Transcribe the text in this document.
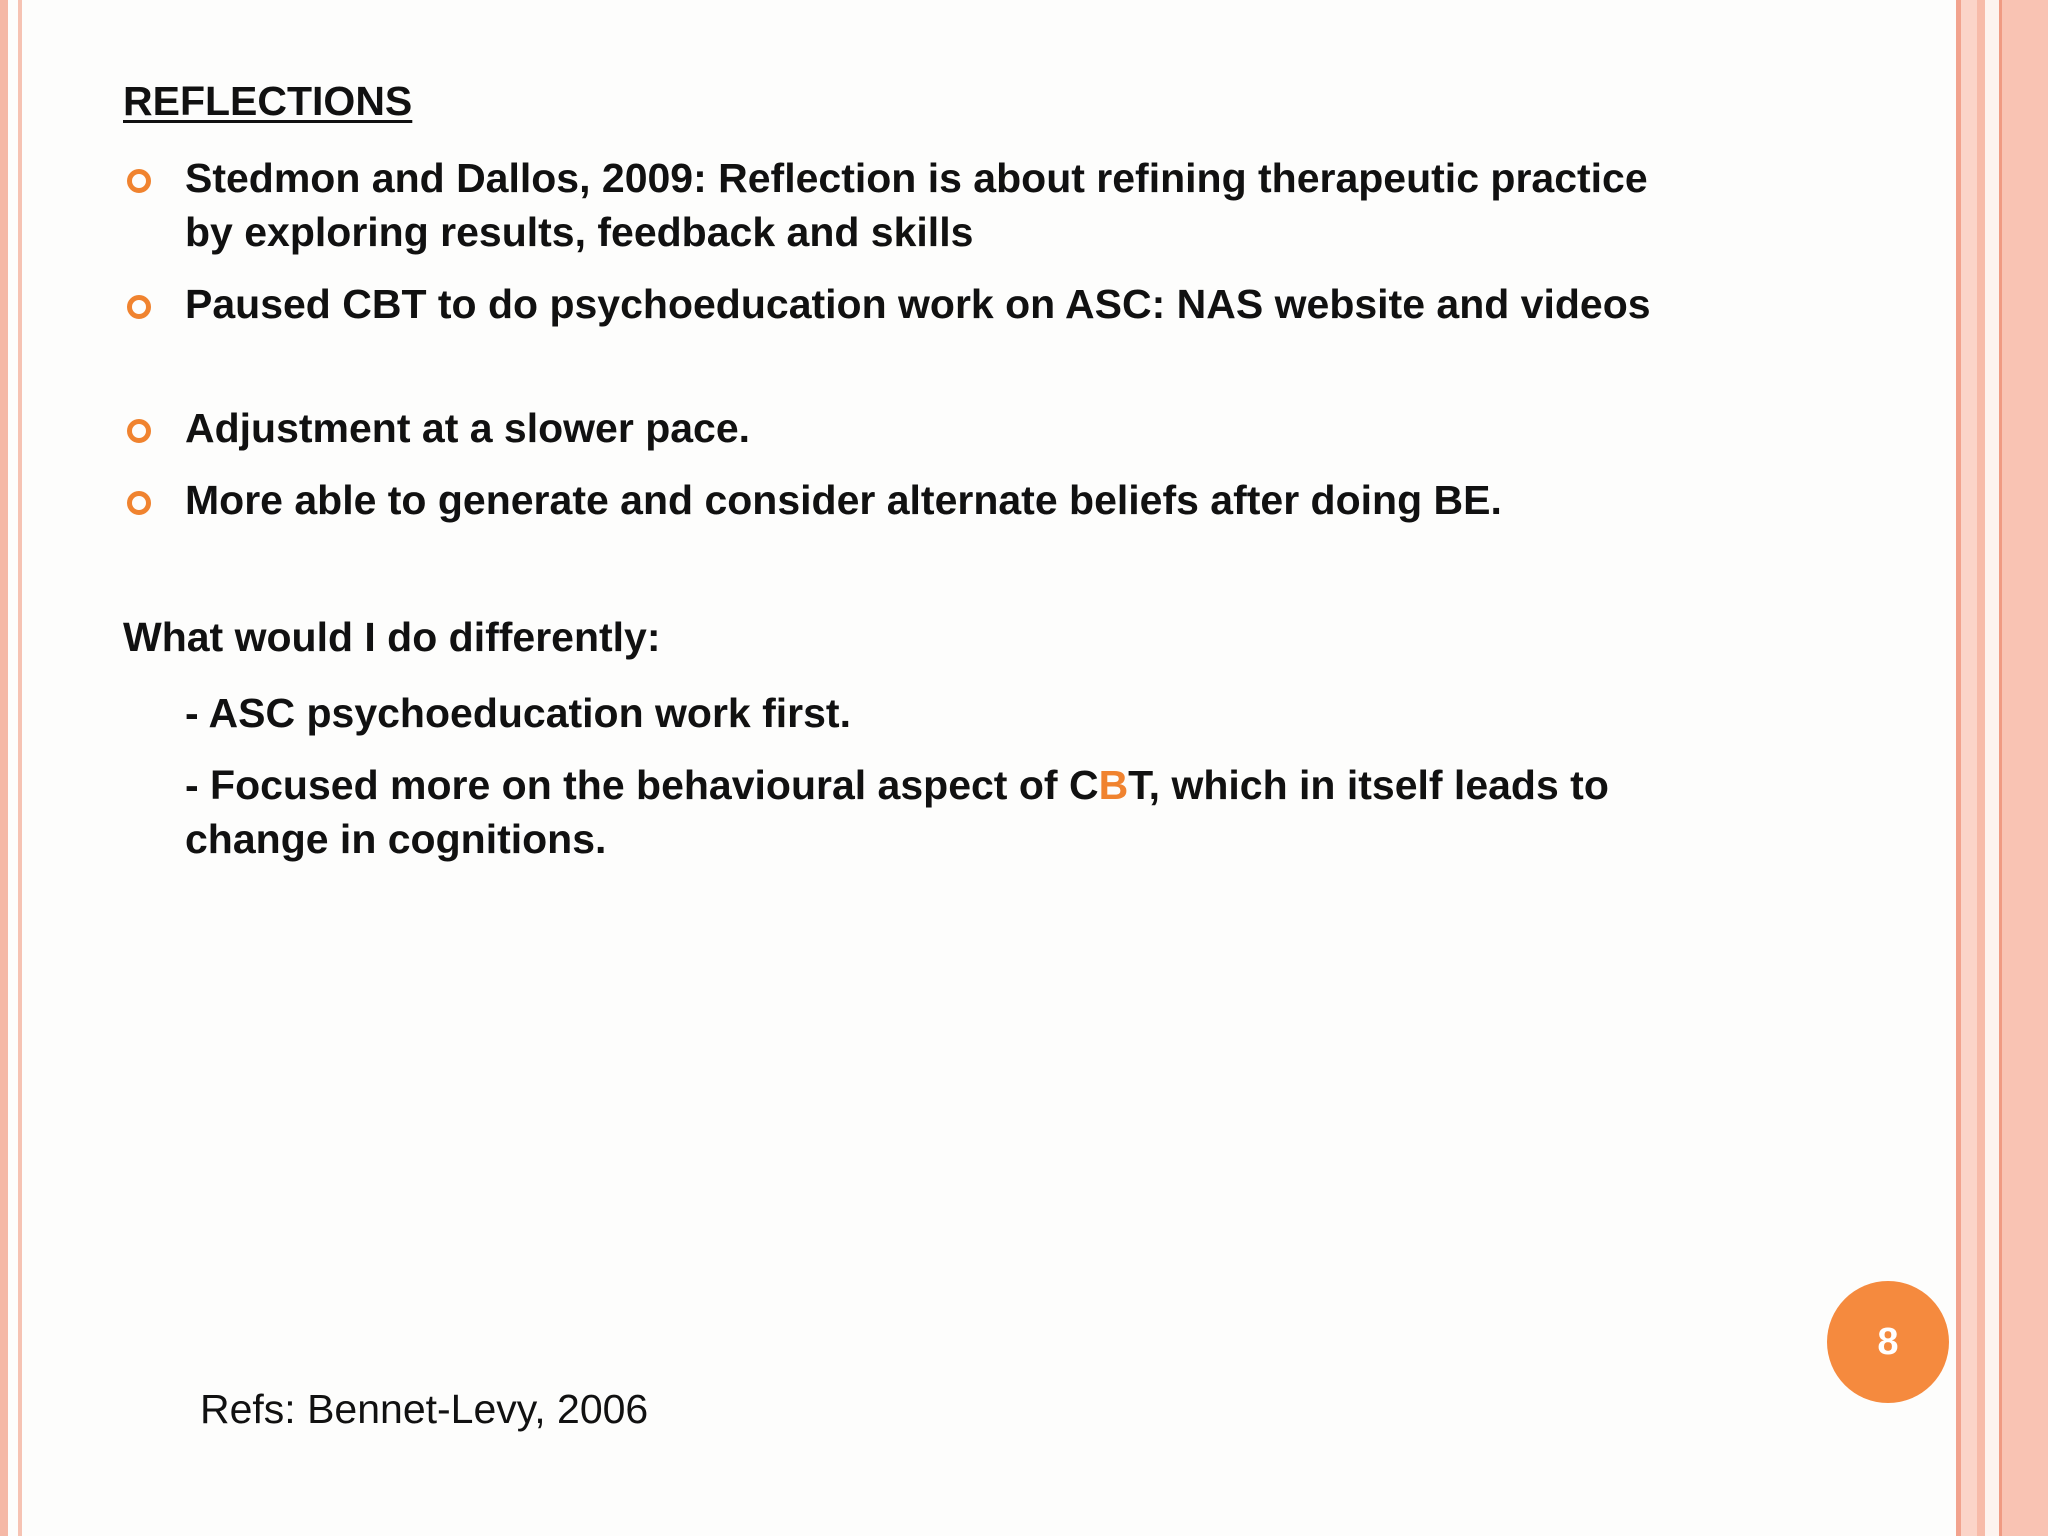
REFLECTIONS
Stedmon and Dallos, 2009: Reflection is about refining therapeutic practice by exploring results, feedback and skills
Paused CBT to do psychoeducation work on ASC: NAS website and videos
Adjustment at a slower pace.
More able to generate and consider alternate beliefs after doing BE.
What would I do differently:
- ASC psychoeducation work first.
- Focused more on the behavioural aspect of CBT, which in itself leads to change in cognitions.
Refs: Bennet-Levy, 2006
8
